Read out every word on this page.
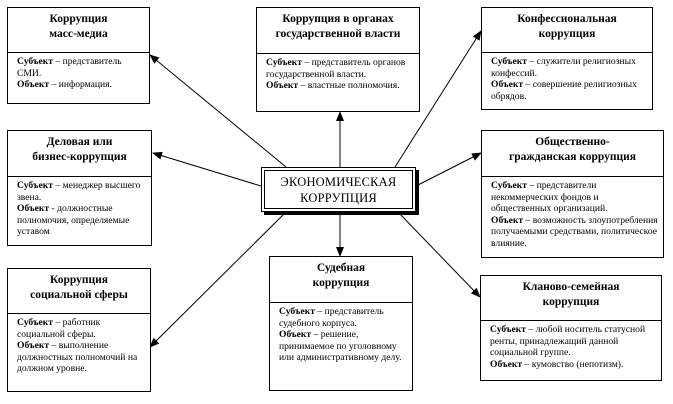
Коррупция
масс-медиа
Субъект – представитель СМИ.
Объект – информация.
Коррупция в органах
государственной власти
Субъект – представитель органов государственной власти.
Объект – властные полномочия.
Конфессиональная
коррупция
Субъект – служители религиозных конфессий.
Объект – совершение религиозных обрядов.
Деловая или
бизнес-коррупция
Субъект – менеджер высшего звена.
Объект - должностные полномочия, определяемые уставом
Общественно-
гражданская коррупция
Субъект – представители некоммерческих фондов и общественных организаций.
Объект – возможность злоупотребления получаемыми средствами, политическое влияние.
ЭКОНОМИЧЕСКАЯ
КОРРУПЦИЯ
Коррупция
социальной сферы
Субъект – работник социальной сферы.
Объект – выполнение должностных полномочий на должном уровне.
Судебная
коррупция
Субъект – представитель судебного корпуса.
Объект – решение, принимаемое по уголовному или административному делу.
Кланово-семейная
коррупция
Субъект – любой носитель статусной ренты, принадлежащий данной социальной группе.
Объект – кумовство (непотизм).
